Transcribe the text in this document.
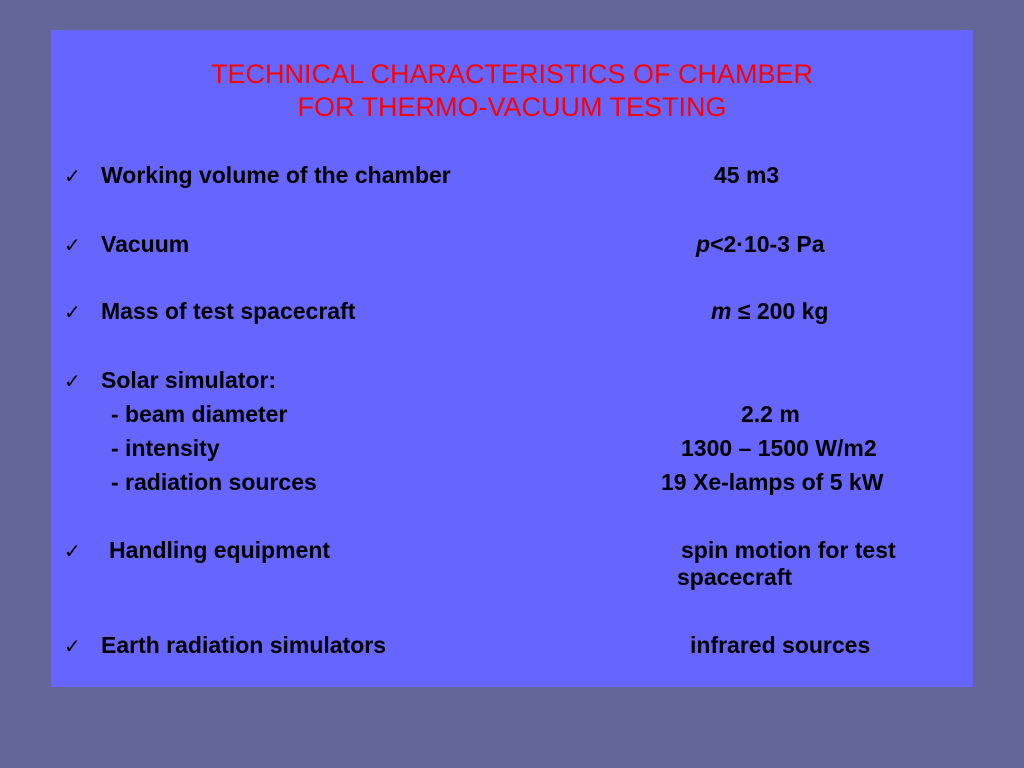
TECHNICAL CHARACTERISTICS OF CHAMBER
FOR THERMO-VACUUM TESTING
✓ Working volume of the chamber	45 m3
✓ Vacuum	p<2·10-3 Pa
✓ Mass of test spacecraft	m ≤ 200 kg
✓ Solar simulator:
- beam diameter	2.2 m
- intensity	1300 – 1500 W/m2
- radiation sources	19 Xe-lamps of 5 kW
✓ Handling equipment	spin motion for test
spacecraft
✓ Earth radiation simulators	infrared sources
